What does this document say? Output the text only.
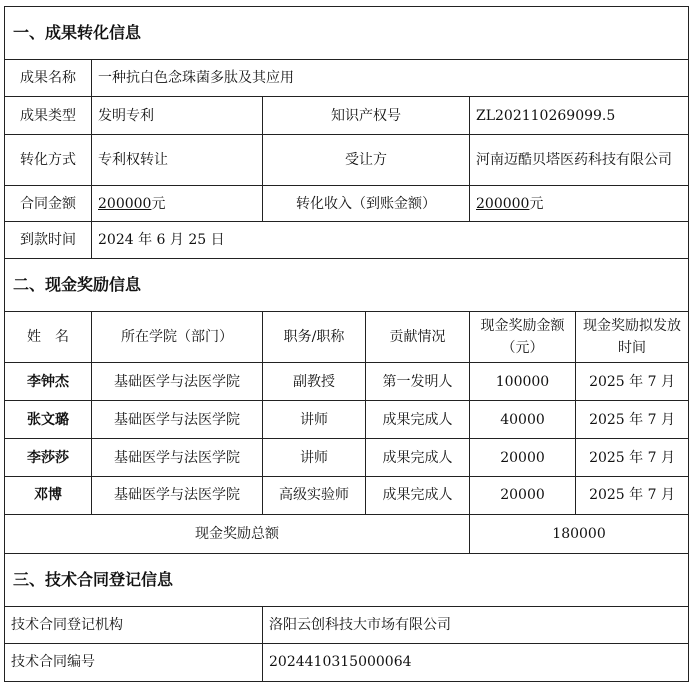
一、成果转化信息					
成果名称	一种抗白色念珠菌多肽及其应用				
成果类型	发明专利	知识产权号		ZL202110269099.5	
转化方式	专利权转让	受让方		河南迈酷贝塔医药科技有限公司	
合同金额	200000元	转化收入（到账金额）		200000元	
到款时间	2024 年 6 月 25 日				
二、现金奖励信息					
姓　名	所在学院（部门）	职务/职称	贡献情况	现金奖励金额（元）	现金奖励拟发放时间
李钟杰	基础医学与法医学院	副教授	第一发明人	100000	2025 年 7 月
张文璐	基础医学与法医学院	讲师	成果完成人	40000	2025 年 7 月
李莎莎	基础医学与法医学院	讲师	成果完成人	20000	2025 年 7 月
邓博	基础医学与法医学院	高级实验师	成果完成人	20000	2025 年 7 月
现金奖励总额				180000	
三、技术合同登记信息					
技术合同登记机构		洛阳云创科技大市场有限公司			
技术合同编号		2024410315000064			
